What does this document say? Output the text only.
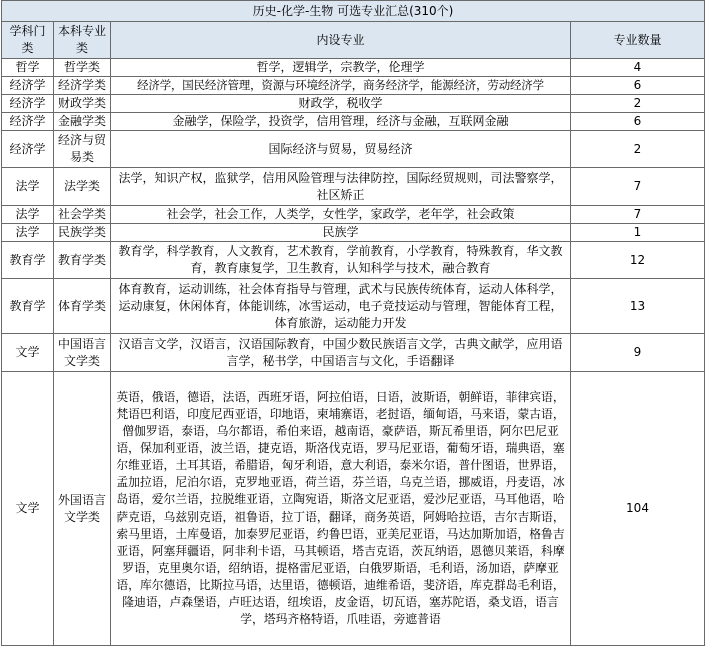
历史-化学-生物 可选专业汇总(310个)			
学科门类	本科专业类	内设专业	专业数量
哲学	哲学类	哲学，逻辑学，宗教学，伦理学	4
经济学	经济学类	经济学，国民经济管理，资源与环境经济学，商务经济学，能源经济，劳动经济学	6
经济学	财政学类	财政学，税收学	2
经济学	金融学类	金融学，保险学，投资学，信用管理，经济与金融，互联网金融	6
经济学	经济与贸易类	国际经济与贸易，贸易经济	2
法学	法学类	法学，知识产权，监狱学，信用风险管理与法律防控，国际经贸规则，司法警察学，社区矫正	7
法学	社会学类	社会学，社会工作，人类学，女性学，家政学，老年学，社会政策	7
法学	民族学类	民族学	1
教育学	教育学类	教育学，科学教育，人文教育，艺术教育，学前教育，小学教育，特殊教育，华文教育，教育康复学，卫生教育，认知科学与技术，融合教育	12
教育学	体育学类	体育教育，运动训练，社会体育指导与管理，武术与民族传统体育，运动人体科学，运动康复，休闲体育，体能训练，冰雪运动，电子竞技运动与管理，智能体育工程，体育旅游，运动能力开发	13
文学	中国语言文学类	汉语言文学，汉语言，汉语国际教育，中国少数民族语言文学，古典文献学，应用语言学，秘书学，中国语言与文化，手语翻译	9
文学	外国语言文学类	英语，俄语，德语，法语，西班牙语，阿拉伯语，日语，波斯语，朝鲜语，菲律宾语，梵语巴利语，印度尼西亚语，印地语，柬埔寨语，老挝语，缅甸语，马来语，蒙古语，僧伽罗语，泰语，乌尔都语，希伯来语，越南语，豪萨语，斯瓦希里语，阿尔巴尼亚语，保加利亚语，波兰语，捷克语，斯洛伐克语，罗马尼亚语，葡萄牙语，瑞典语，塞尔维亚语，土耳其语，希腊语，匈牙利语，意大利语，泰米尔语，普什图语，世界语，孟加拉语，尼泊尔语，克罗地亚语，荷兰语，芬兰语，乌克兰语，挪威语，丹麦语，冰岛语，爱尔兰语，拉脱维亚语，立陶宛语，斯洛文尼亚语，爱沙尼亚语，马耳他语，哈萨克语，乌兹别克语，祖鲁语，拉丁语，翻译，商务英语，阿姆哈拉语，吉尔吉斯语，索马里语，土库曼语，加泰罗尼亚语，约鲁巴语，亚美尼亚语，马达加斯加语，格鲁吉亚语，阿塞拜疆语，阿非利卡语，马其顿语，塔吉克语，茨瓦纳语，恩德贝莱语，科摩罗语，克里奥尔语，绍纳语，提格雷尼亚语，白俄罗斯语，毛利语，汤加语，萨摩亚语，库尔德语，比斯拉马语，达里语，德顿语，迪维希语，斐济语，库克群岛毛利语，隆迪语，卢森堡语，卢旺达语，纽埃语，皮金语，切瓦语，塞苏陀语，桑戈语，语言学，塔玛齐格特语，爪哇语，旁遮普语	104
